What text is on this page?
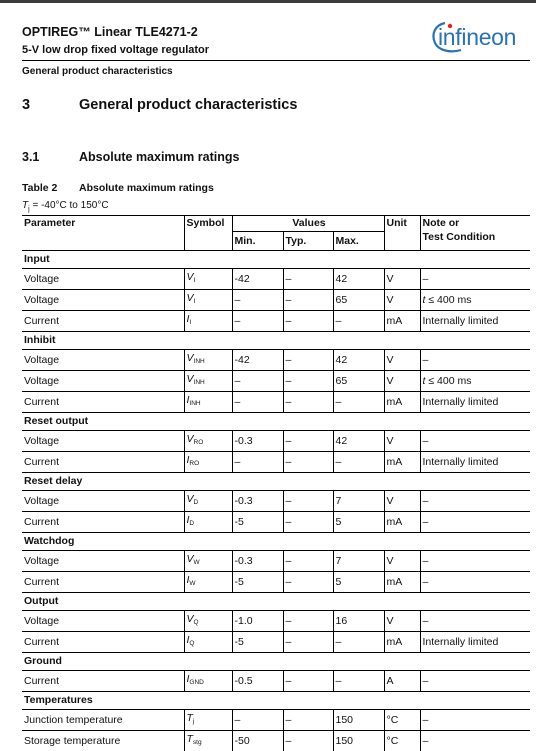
OPTIREG™ Linear TLE4271-2
5-V low drop fixed voltage regulator
General product characteristics
infineon
3	General product characteristics
3.1	Absolute maximum ratings
Table 2 Absolute maximum ratings
$T_j = -40^\circ C$ to 150°C
Parameter	Symbol	Values			Unit	Note or
Test Condition
		Min.	Typ.	Max.		
Input						
Voltage	$V_I$	-42	–	42	V	–
Voltage	$V_I$	–	–	65	V	t ≤ 400 ms
Current	$I_I$	–	–	–	mA	Internally limited
Inhibit						
Voltage	$V_{INH}$	-42	–	42	V	–
Voltage	$V_{INH}$	–	–	65	V	t ≤ 400 ms
Current	$I_{INH}$	–	–	–	mA	Internally limited
Reset output						
Voltage	$V_{RO}$	-0.3	–	42	V	–
Current	$I_{RO}$	–	–	–	mA	Internally limited
Reset delay						
Voltage	$V_D$	-0.3	–	7	V	–
Current	$I_D$	-5	–	5	mA	–
Watchdog						
Voltage	$V_W$	-0.3	–	7	V	–
Current	$I_W$	-5	–	5	mA	–
Output						
Voltage	$V_Q$	-1.0	–	16	V	–
Current	$I_Q$	-5	–	–	mA	Internally limited
Ground						
Current	$I_{GND}$	-0.5	–	–	A	–
Temperatures						
Junction temperature	$T_j$	–	–	150	°C	–
Storage temperature	$T_{stg}$	-50	–	150	°C	–
